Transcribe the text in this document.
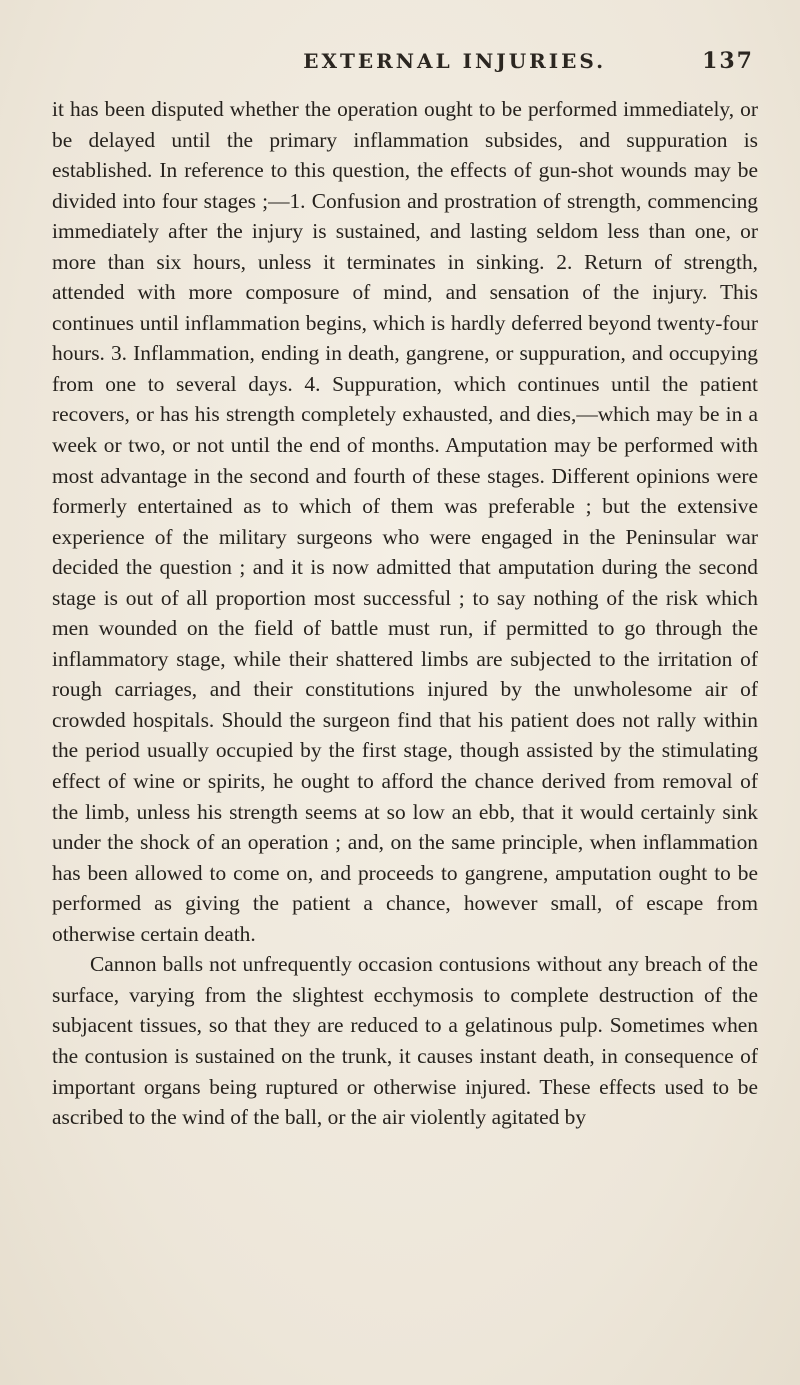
EXTERNAL INJURIES.	137

it has been disputed whether the operation ought to be performed immediately, or be delayed until the primary inflammation subsides, and suppuration is established. In reference to this question, the effects of gun-shot wounds may be divided into four stages ;—1. Confusion and prostration of strength, commencing immediately after the injury is sustained, and lasting seldom less than one, or more than six hours, unless it terminates in sinking. 2. Return of strength, attended with more composure of mind, and sensation of the injury. This continues until inflammation begins, which is hardly deferred beyond twenty-four hours. 3. Inflammation, ending in death, gangrene, or suppuration, and occupying from one to several days. 4. Suppuration, which continues until the patient recovers, or has his strength completely exhausted, and dies,—which may be in a week or two, or not until the end of months. Amputation may be performed with most advantage in the second and fourth of these stages. Different opinions were formerly entertained as to which of them was preferable ; but the extensive experience of the military surgeons who were engaged in the Peninsular war decided the question ; and it is now admitted that amputation during the second stage is out of all proportion most successful ; to say nothing of the risk which men wounded on the field of battle must run, if permitted to go through the inflammatory stage, while their shattered limbs are subjected to the irritation of rough carriages, and their constitutions injured by the unwholesome air of crowded hospitals. Should the surgeon find that his patient does not rally within the period usually occupied by the first stage, though assisted by the stimulating effect of wine or spirits, he ought to afford the chance derived from removal of the limb, unless his strength seems at so low an ebb, that it would certainly sink under the shock of an operation ; and, on the same principle, when inflammation has been allowed to come on, and proceeds to gangrene, amputation ought to be performed as giving the patient a chance, however small, of escape from otherwise certain death.

Cannon balls not unfrequently occasion contusions without any breach of the surface, varying from the slightest ecchymosis to complete destruction of the subjacent tissues, so that they are reduced to a gelatinous pulp. Sometimes when the contusion is sustained on the trunk, it causes instant death, in consequence of important organs being ruptured or otherwise injured. These effects used to be ascribed to the wind of the ball, or the air violently agitated by
